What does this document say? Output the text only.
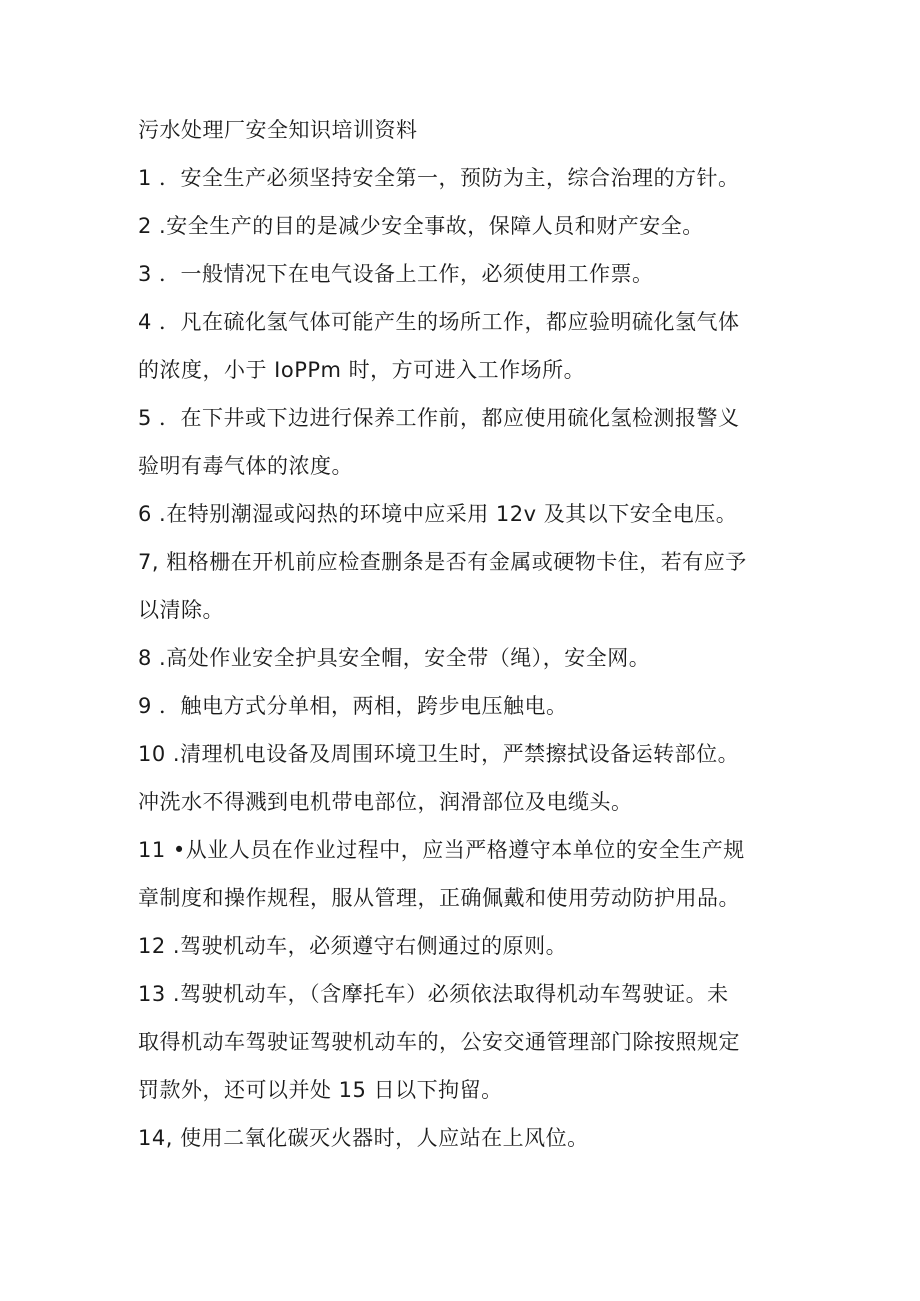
污水处理厂安全知识培训资料
1 ．安全生产必须坚持安全第一，预防为主，综合治理的方针。
2 .安全生产的目的是减少安全事故，保障人员和财产安全。
3 ．一般情况下在电气设备上工作，必须使用工作票。
4 ．凡在硫化氢气体可能产生的场所工作，都应验明硫化氢气体
的浓度，小于 IoPPm 时，方可进入工作场所。
5 ．在下井或下边进行保养工作前，都应使用硫化氢检测报警义
验明有毒气体的浓度。
6 .在特别潮湿或闷热的环境中应采用 12v 及其以下安全电压。
7, 粗格栅在开机前应检查删条是否有金属或硬物卡住，若有应予
以清除。
8 .高处作业安全护具安全帽，安全带（绳），安全网。
9 ．触电方式分单相，两相，跨步电压触电。
10 .清理机电设备及周围环境卫生时，严禁擦拭设备运转部位。
冲洗水不得溅到电机带电部位，润滑部位及电缆头。
11 •从业人员在作业过程中，应当严格遵守本单位的安全生产规
章制度和操作规程，服从管理，正确佩戴和使用劳动防护用品。
12 .驾驶机动车，必须遵守右侧通过的原则。
13 .驾驶机动车，（含摩托车）必须依法取得机动车驾驶证。未
取得机动车驾驶证驾驶机动车的，公安交通管理部门除按照规定
罚款外，还可以并处 15 日以下拘留。
14, 使用二氧化碳灭火器时，人应站在上风位。
